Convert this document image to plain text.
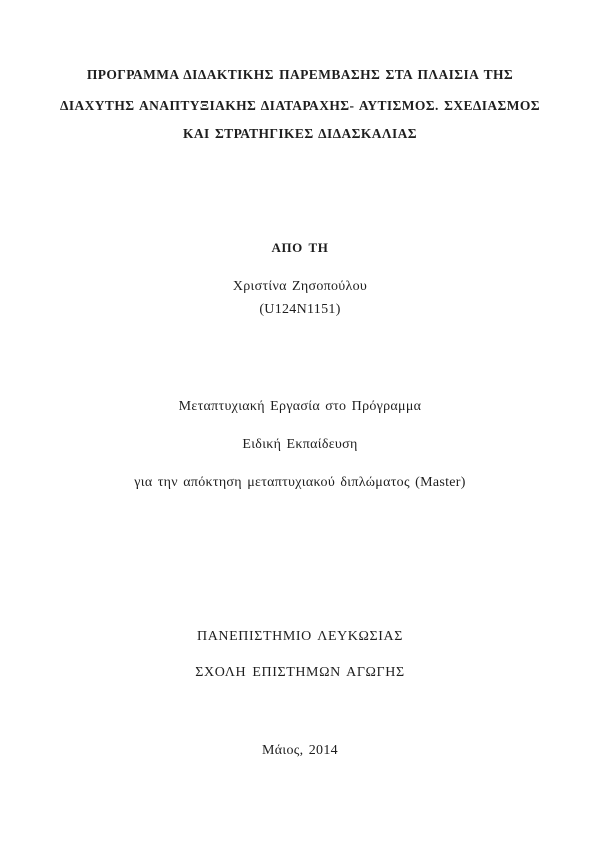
ΠΡΟΓΡΑΜΜΑ ΔΙΔΑΚΤΙΚΗΣ ΠΑΡΕΜΒΑΣΗΣ ΣΤΑ ΠΛΑΙΣΙΑ ΤΗΣ
ΔΙΑΧΥΤΗΣ ΑΝΑΠΤΥΞΙΑΚΗΣ ΔΙΑΤΑΡΑΧΗΣ- ΑΥΤΙΣΜΟΣ. ΣΧΕΔΙΑΣΜΟΣ
ΚΑΙ ΣΤΡΑΤΗΓΙΚΕΣ ΔΙΔΑΣΚΑΛΙΑΣ
ΑΠΟ ΤΗ
Χριστίνα Ζησοπούλου
(U124N1151)
Μεταπτυχιακή Εργασία στο Πρόγραμμα
Ειδική Εκπαίδευση
για την απόκτηση μεταπτυχιακού διπλώματος (Master)
ΠΑΝΕΠΙΣΤΗΜΙΟ ΛΕΥΚΩΣΙΑΣ
ΣΧΟΛΗ ΕΠΙΣΤΗΜΩΝ ΑΓΩΓΗΣ
Μάιος, 2014
